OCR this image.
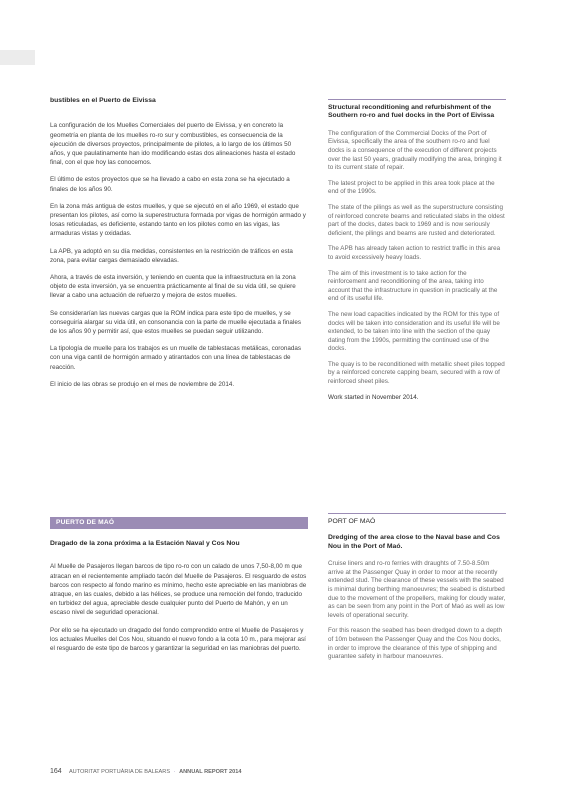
bustibles en el Puerto de Eivissa

La configuración de los Muelles Comerciales del puerto de Eivissa, y en concreto la geometría en planta de los muelles ro-ro sur y combustibles, es consecuencia de la ejecución de diversos proyectos, principalmente de pilotes, a lo largo de los últimos 50 años, y que paulatinamente han ido modificando estas dos alineaciones hasta el estado final, con el que hoy las conocemos.

El último de estos proyectos que se ha llevado a cabo en esta zona se ha ejecutado a finales de los años 90.

En la zona más antigua de estos muelles, y que se ejecutó en el año 1969, el estado que presentan los pilotes, así como la superestructura formada por vigas de hormigón armado y losas reticuladas, es deficiente, estando tanto en los pilotes como en las vigas, las armaduras vistas y oxidadas.

La APB, ya adoptó en su día medidas, consistentes en la restricción de tráficos en esta zona, para evitar cargas demasiado elevadas.

Ahora, a través de esta inversión, y teniendo en cuenta que la infraestructura en la zona objeto de esta inversión, ya se encuentra prácticamente al final de su vida útil, se quiere llevar a cabo una actuación de refuerzo y mejora de estos muelles.

Se considerarían las nuevas cargas que la ROM indica para este tipo de muelles, y se conseguiría alargar su vida útil, en consonancia con la parte de muelle ejecutada a finales de los años 90 y permitir así, que estos muelles se puedan seguir utilizando.

La tipología de muelle para los trabajos es un muelle de tablestacas metálicas, coronadas con una viga cantil de hormigón armado y atirantados con una línea de tablestacas de reacción.

El inicio de las obras se produjo en el mes de noviembre de 2014.

Structural reconditioning and refurbishment of the Southern ro-ro and fuel docks in the Port of Eivissa

The configuration of the Commercial Docks of the Port of Eivissa, specifically the area of the southern ro-ro and fuel docks is a consequence of the execution of different projects over the last 50 years, gradually modifying the area, bringing it to its current state of repair.

The latest project to be applied in this area took place at the end of the 1990s.

The state of the pilings as well as the superstructure consisting of reinforced concrete beams and reticulated slabs in the oldest part of the docks, dates back to 1969 and is now seriously deficient, the pilings and beams are rusted and deteriorated.

The APB has already taken action to restrict traffic in this area to avoid excessively heavy loads.

The aim of this investment is to take action for the reinforcement and reconditioning of the area, taking into account that the infrastructure in question in practically at the end of its useful life.

The new load capacities indicated by the ROM for this type of docks will be taken into consideration and its useful life will be extended, to be taken into line with the section of the quay dating from the 1990s, permitting the continued use of the docks.

The quay is to be reconditioned with metallic sheet piles topped by a reinforced concrete capping beam, secured with a row of reinforced sheet piles.

Work started in November 2014.

PUERTO DE MAÓ
Dragado de la zona próxima a la Estación Naval y Cos Nou

Al Muelle de Pasajeros llegan barcos de tipo ro-ro con un calado de unos 7,50-8,00 m que atracan en el recientemente ampliado tacón del Muelle de Pasajeros. El resguardo de estos barcos con respecto al fondo marino es mínimo, hecho este apreciable en las maniobras de atraque, en las cuales, debido a las hélices, se produce una remoción del fondo, traducido en turbidez del agua, apreciable desde cualquier punto del Puerto de Mahón, y en un escaso nivel de seguridad operacional.

Por ello se ha ejecutado un dragado del fondo comprendido entre el Muelle de Pasajeros y los actuales Muelles del Cos Nou, situando el nuevo fondo a la cota 10 m., para mejorar así el resguardo de este tipo de barcos y garantizar la seguridad en las maniobras del puerto.

PORT OF MAÓ
Dredging of the area close to the Naval base and Cos Nou in the Port of Maó.

Cruise liners and ro-ro ferries with draughts of 7.50-8.50m arrive at the Passenger Quay in order to moor at the recently extended stud. The clearance of these vessels with the seabed is minimal during berthing manoeuvres; the seabed is disturbed due to the movement of the propellers, making for cloudy water, as can be seen from any point in the Port of Maó as well as low levels of operational security.

For this reason the seabed has been dredged down to a depth of 10m between the Passenger Quay and the Cos Nou docks, in order to improve the clearance of this type of shipping and guarantee safety in harbour manoeuvres.

164 AUTORITAT PORTUÀRIA DE BALEARS · ANNUAL REPORT 2014
